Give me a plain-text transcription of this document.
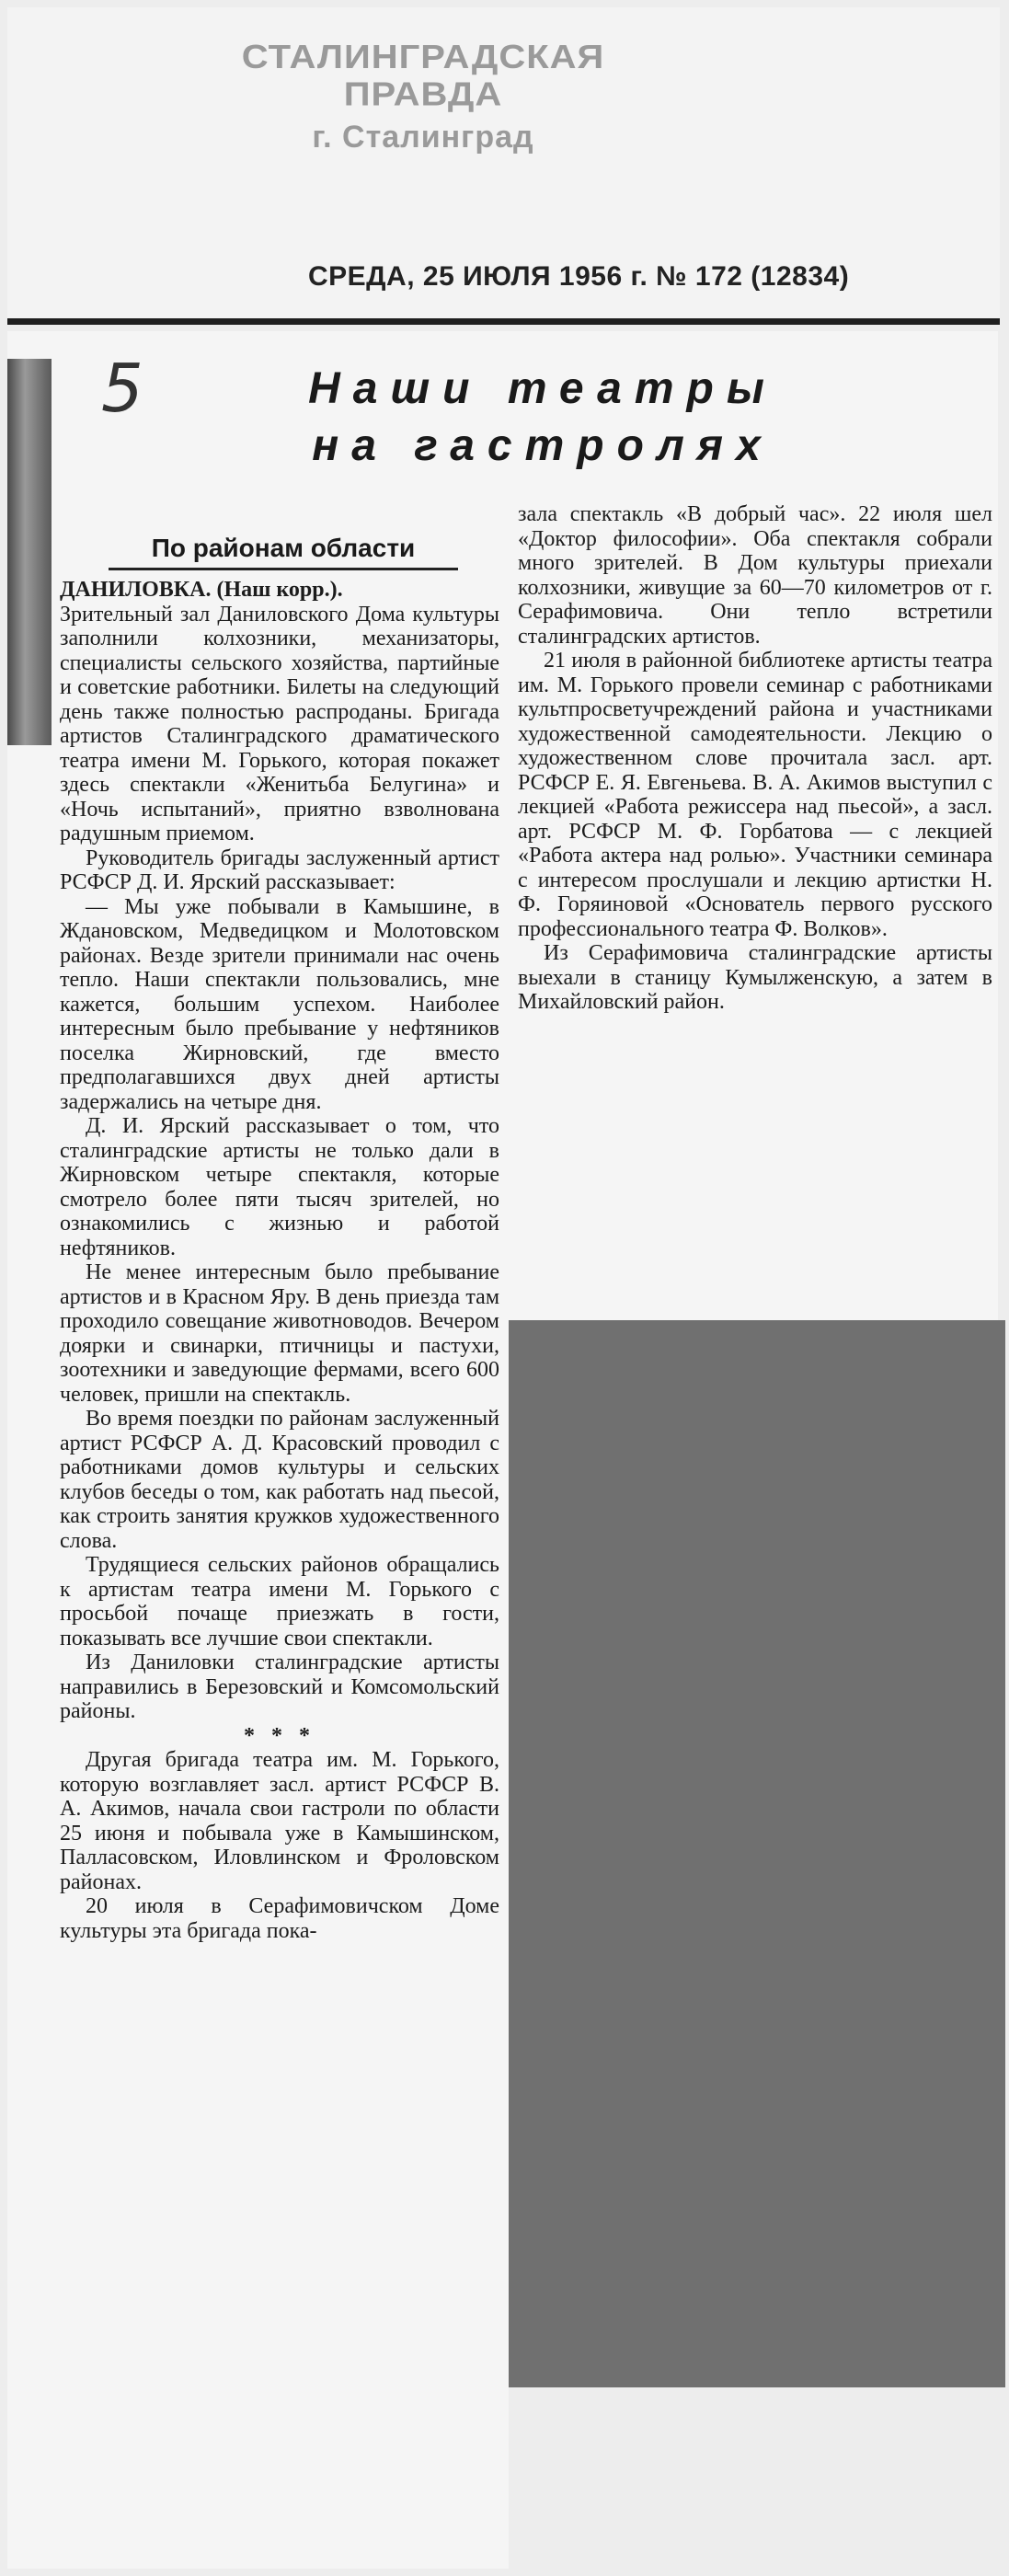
СТАЛИНГРАДСКАЯ ПРАВДА
г. Сталинград
СРЕДА, 25 ИЮЛЯ 1956 г. № 172 (12834)
5	Наши театры
на гастролях
По районам области

ДАНИЛОВКА. (Наш корр.).

Зрительный зал Даниловского Дома культуры заполнили колхозники, механизаторы, специалисты сельского хозяйства, партийные и советские работники. Билеты на следующий день также полностью распроданы. Бригада артистов Сталинградского драматического театра имени М. Горького, которая покажет здесь спектакли «Женитьба Белугина» и «Ночь испытаний», приятно взволнована радушным приемом.

Руководитель бригады заслуженный артист РСФСР Д. И. Ярский рассказывает:

— Мы уже побывали в Камышине, в Ждановском, Медведицком и Молотовском районах. Везде зрители принимали нас очень тепло. Наши спектакли пользовались, мне кажется, большим успехом. Наиболее интересным было пребывание у нефтяников поселка Жирновский, где вместо предполагавшихся двух дней артисты задержались на четыре дня.

Д. И. Ярский рассказывает о том, что сталинградские артисты не только дали в Жирновском четыре спектакля, которые смотрело более пяти тысяч зрителей, но ознакомились с жизнью и работой нефтяников.

Не менее интересным было пребывание артистов и в Красном Яру. В день приезда там проходило совещание животноводов. Вечером доярки и свинарки, птичницы и пастухи, зоотехники и заведующие фермами, всего 600 человек, пришли на спектакль.

Во время поездки по районам заслуженный артист РСФСР А. Д. Красовский проводил с работниками домов культуры и сельских клубов беседы о том, как работать над пьесой, как строить занятия кружков художественного слова.

Трудящиеся сельских районов обращались к артистам театра имени М. Горького с просьбой почаще приезжать в гости, показывать все лучшие свои спектакли.

Из Даниловки сталинградские артисты направились в Березовский и Комсомольский районы.

* * *

Другая бригада театра им. М. Горького, которую возглавляет засл. артист РСФСР В. А. Акимов, начала свои гастроли по области 25 июня и побывала уже в Камышинском, Палласовском, Иловлинском и Фроловском районах.

20 июля в Серафимовичском Доме культуры эта бригада пока-

зала спектакль «В добрый час». 22 июля шел «Доктор философии». Оба спектакля собрали много зрителей. В Дом культуры приехали колхозники, живущие за 60—70 километров от г. Серафимовича. Они тепло встретили сталинградских артистов.

21 июля в районной библиотеке артисты театра им. М. Горького провели семинар с работниками культпросветучреждений района и участниками художественной самодеятельности. Лекцию о художественном слове прочитала засл. арт. РСФСР Е. Я. Евгеньева. В. А. Акимов выступил с лекцией «Работа режиссера над пьесой», а засл. арт. РСФСР М. Ф. Горбатова — с лекцией «Работа актера над ролью». Участники семинара с интересом прослушали и лекцию артистки Н. Ф. Горяиновой «Основатель первого русского профессионального театра Ф. Волков».

Из Серафимовича сталинградские артисты выехали в станицу Кумылженскую, а затем в Михайловский район.
